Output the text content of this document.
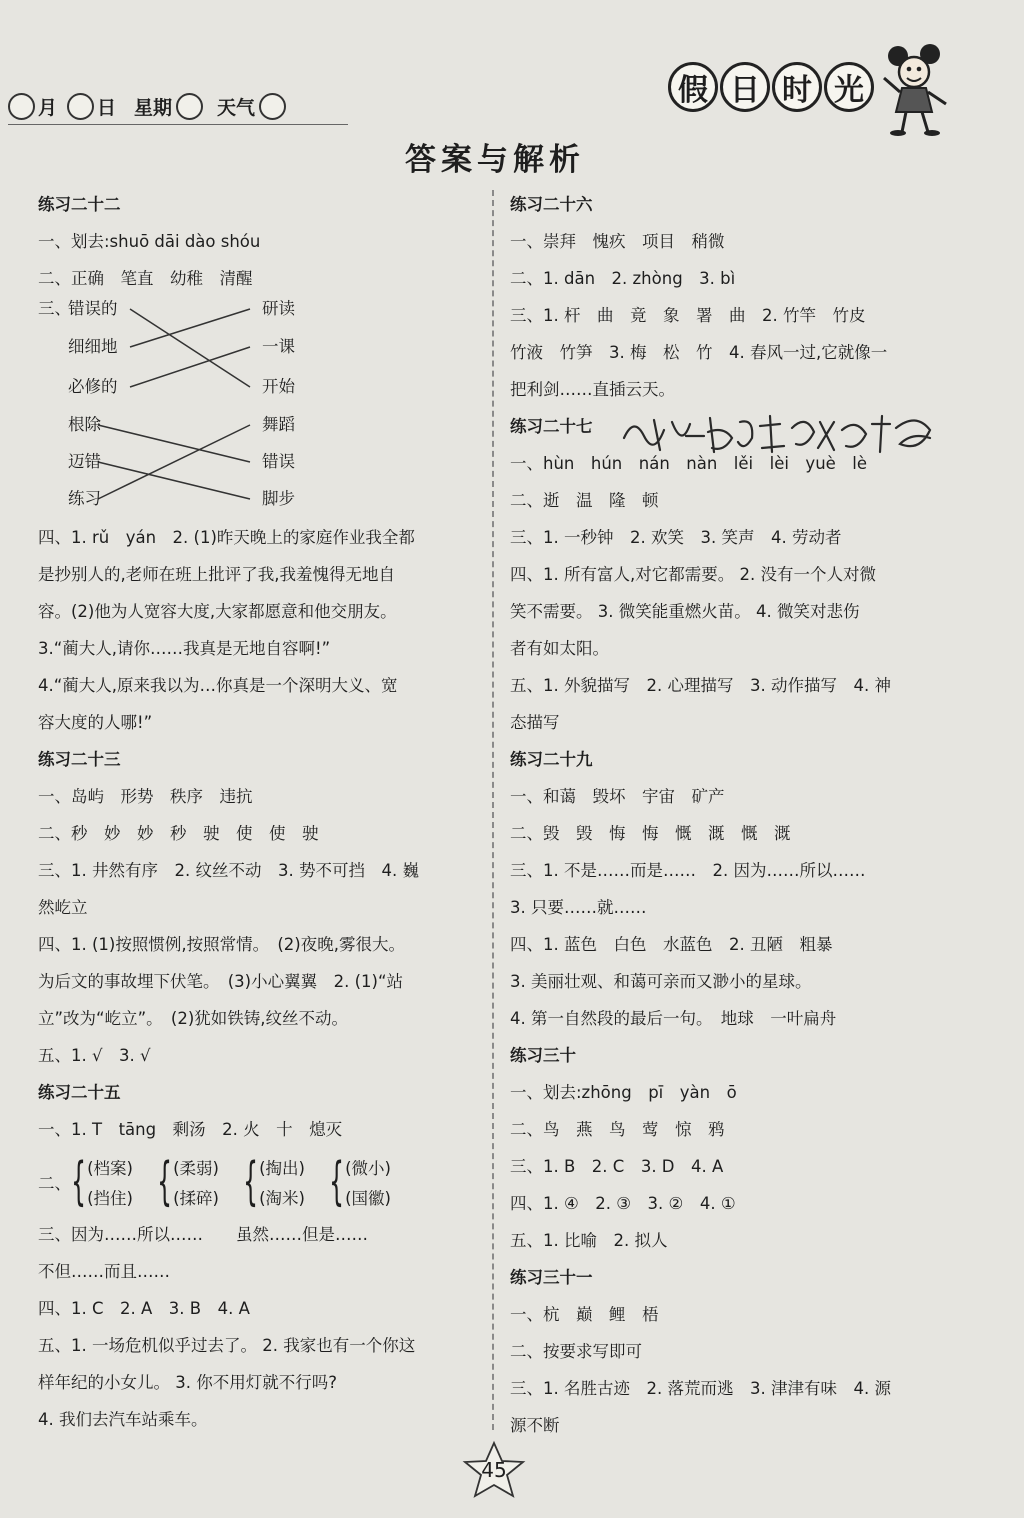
月 日 星期 天气	假 日 时 光
答案与解析
练习二十二
一、划去:shuō dāi dào shóu
二、正确　笔直　幼稚　清醒
三、
错误的
细细地
必修的
根除
迈错
练习
研读
一课
开始
舞蹈
错误
脚步
四、1. rǔ　yán　2. (1)昨天晚上的家庭作业我全都
是抄别人的,老师在班上批评了我,我羞愧得无地自
容。(2)他为人宽容大度,大家都愿意和他交朋友。
3.“蔺大人,请你……我真是无地自容啊!”
4.“蔺大人,原来我以为…你真是一个深明大义、宽
容大度的人哪!”
练习二十三
一、岛屿　形势　秩序　违抗
二、秒　妙　妙　秒　驶　使　使　驶
三、1. 井然有序　2. 纹丝不动　3. 势不可挡　4. 巍
然屹立
四、1. (1)按照惯例,按照常情。　(2)夜晚,雾很大。
为后文的事故埋下伏笔。　(3)小心翼翼　2. (1)“站
立”改为“屹立”。　(2)犹如铁铸,纹丝不动。
五、1. √　3. √
练习二十五
一、1. T　tāng　剩汤　2. 火　十　熄灭
二、 { (档案)
(挡住) { (柔弱)
(揉碎) { (掏出)
(淘米) { (微小)
(国徽)
三、因为……所以……　　虽然……但是……
不但……而且……
四、1. C　2. A　3. B　4. A
五、1. 一场危机似乎过去了。 2. 我家也有一个你这
样年纪的小女儿。 3. 你不用灯就不行吗?
4. 我们去汽车站乘车。
练习二十六
一、崇拜　愧疚　项目　稍微
二、1. dān　2. zhòng　3. bì
三、1. 杆　曲　竟　象　署　曲　2. 竹竿　竹皮
竹液　竹笋　3. 梅　松　竹　4. 春风一过,它就像一
把利剑……直插云天。
练习二十七
一、hùn　hún　nán　nàn　lěi　lèi　yuè　lè
二、逝　温　隆　顿
三、1. 一秒钟　2. 欢笑　3. 笑声　4. 劳动者
四、1. 所有富人,对它都需要。 2. 没有一个人对微
笑不需要。 3. 微笑能重燃火苗。 4. 微笑对悲伤
者有如太阳。
五、1. 外貌描写　2. 心理描写　3. 动作描写　4. 神
态描写
练习二十九
一、和蔼　毁坏　宇宙　矿产
二、毁　毁　悔　悔　慨　溉　慨　溉
三、1. 不是……而是……　2. 因为……所以……
3. 只要……就……
四、1. 蓝色　白色　水蓝色　2. 丑陋　粗暴
3. 美丽壮观、和蔼可亲而又渺小的星球。
4. 第一自然段的最后一句。　地球　一叶扁舟
练习三十
一、划去:zhōng　pī　yàn　ō
二、鸟　燕　鸟　莺　惊　鸦
三、1. B　2. C　3. D　4. A
四、1. ④　2. ③　3. ②　4. ①
五、1. 比喻　2. 拟人
练习三十一
一、杭　巅　鲤　梧
二、按要求写即可
三、1. 名胜古迹　2. 落荒而逃　3. 津津有味　4. 源
源不断
45
